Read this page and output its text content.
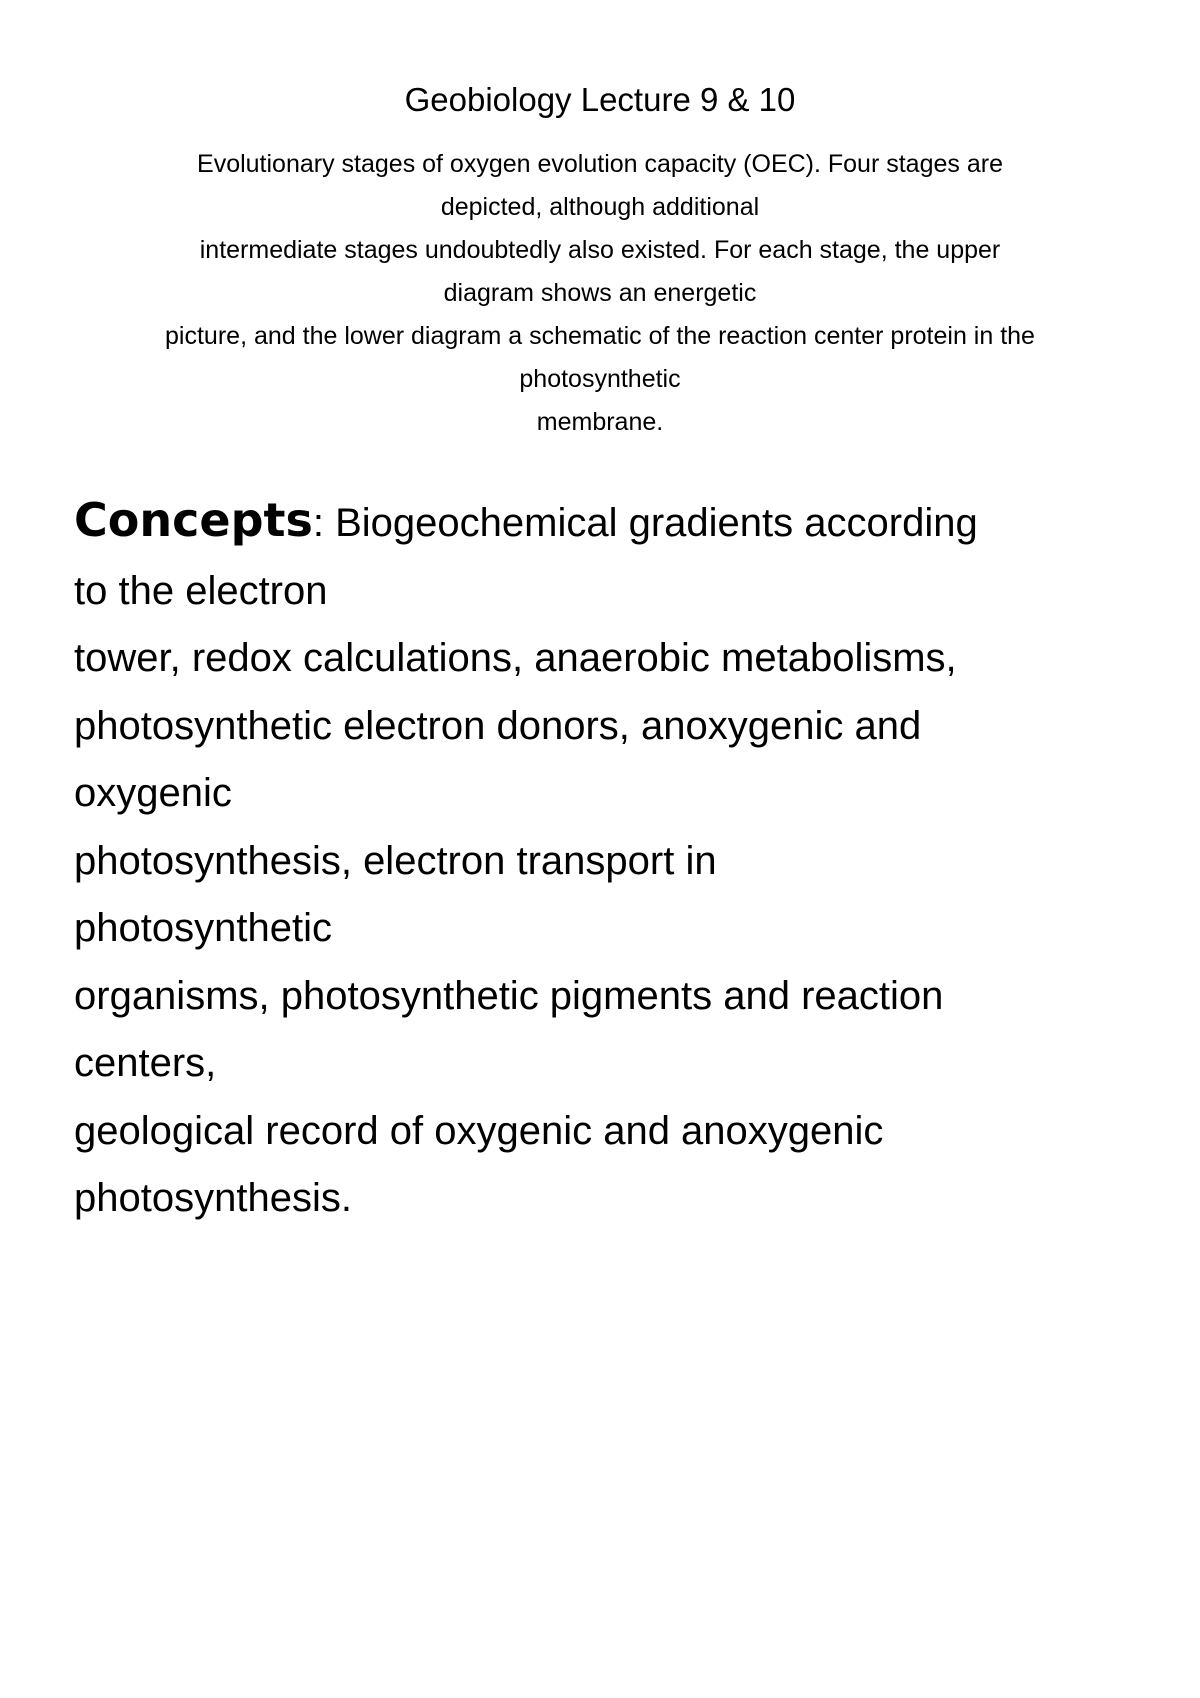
Geobiology Lecture 9 & 10

Evolutionary stages of oxygen evolution capacity (OEC). Four stages are
depicted, although additional
intermediate stages undoubtedly also existed. For each stage, the upper
diagram shows an energetic
picture, and the lower diagram a schematic of the reaction center protein in the
photosynthetic
membrane.

Concepts: Biogeochemical gradients according
to the electron
tower, redox calculations, anaerobic metabolisms,
photosynthetic electron donors, anoxygenic and
oxygenic
photosynthesis, electron transport in
photosynthetic
organisms, photosynthetic pigments and reaction
centers,
geological record of oxygenic and anoxygenic
photosynthesis.
